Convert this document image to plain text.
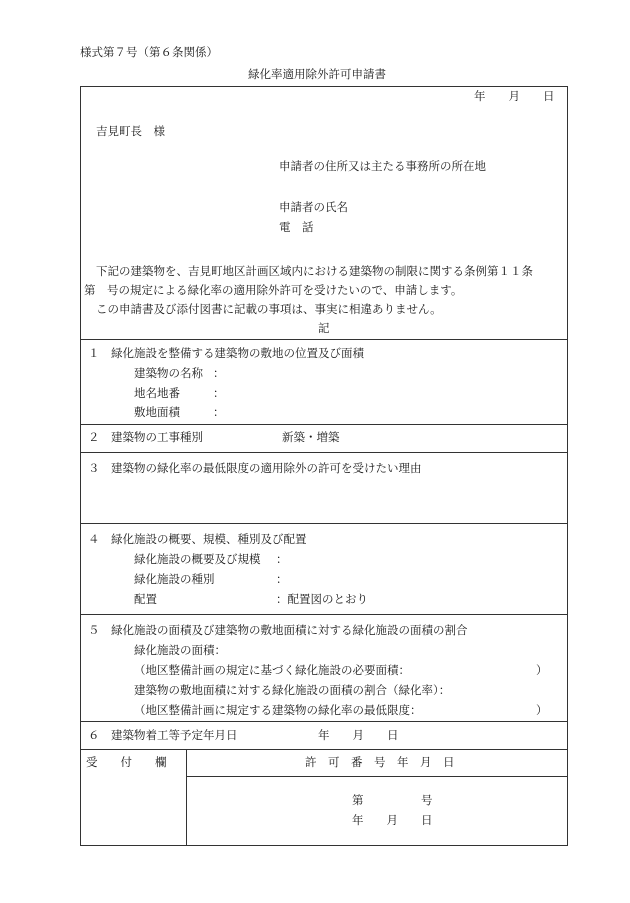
様式第７号（第６条関係）
緑化率適用除外許可申請書
年　　月　　日
吉見町長　様
申請者の住所又は主たる事務所の所在地
申請者の氏名
電　話
下記の建築物を、吉見町地区計画区域内における建築物の制限に関する条例第１１条
第　号の規定による緑化率の適用除外許可を受けたいので、申請します。
この申請書及び添付図書に記載の事項は、事実に相違ありません。
記
１　緑化施設を整備する建築物の敷地の位置及び面積
建築物の名称 ：
地名地番	：
敷地面積	：
２　建築物の工事種別	新築・増築
３　建築物の緑化率の最低限度の適用除外の許可を受けたい理由
４　緑化施設の概要、規模、種別及び配置
緑化施設の概要及び規模 ：
緑化施設の種別	：
配置	：配置図のとおり
５　緑化施設の面積及び建築物の敷地面積に対する緑化施設の面積の割合
緑化施設の面積：
（地区整備計画の規定に基づく緑化施設の必要面積：	）
建築物の敷地面積に対する緑化施設の面積の割合（緑化率）：
（地区整備計画に規定する建築物の緑化率の最低限度：	）
６　建築物着工等予定年月日	年　　月　　日
受　　付　　欄	許　可　番　号　年　月　日
第　　　　　号
年　　月　　日
